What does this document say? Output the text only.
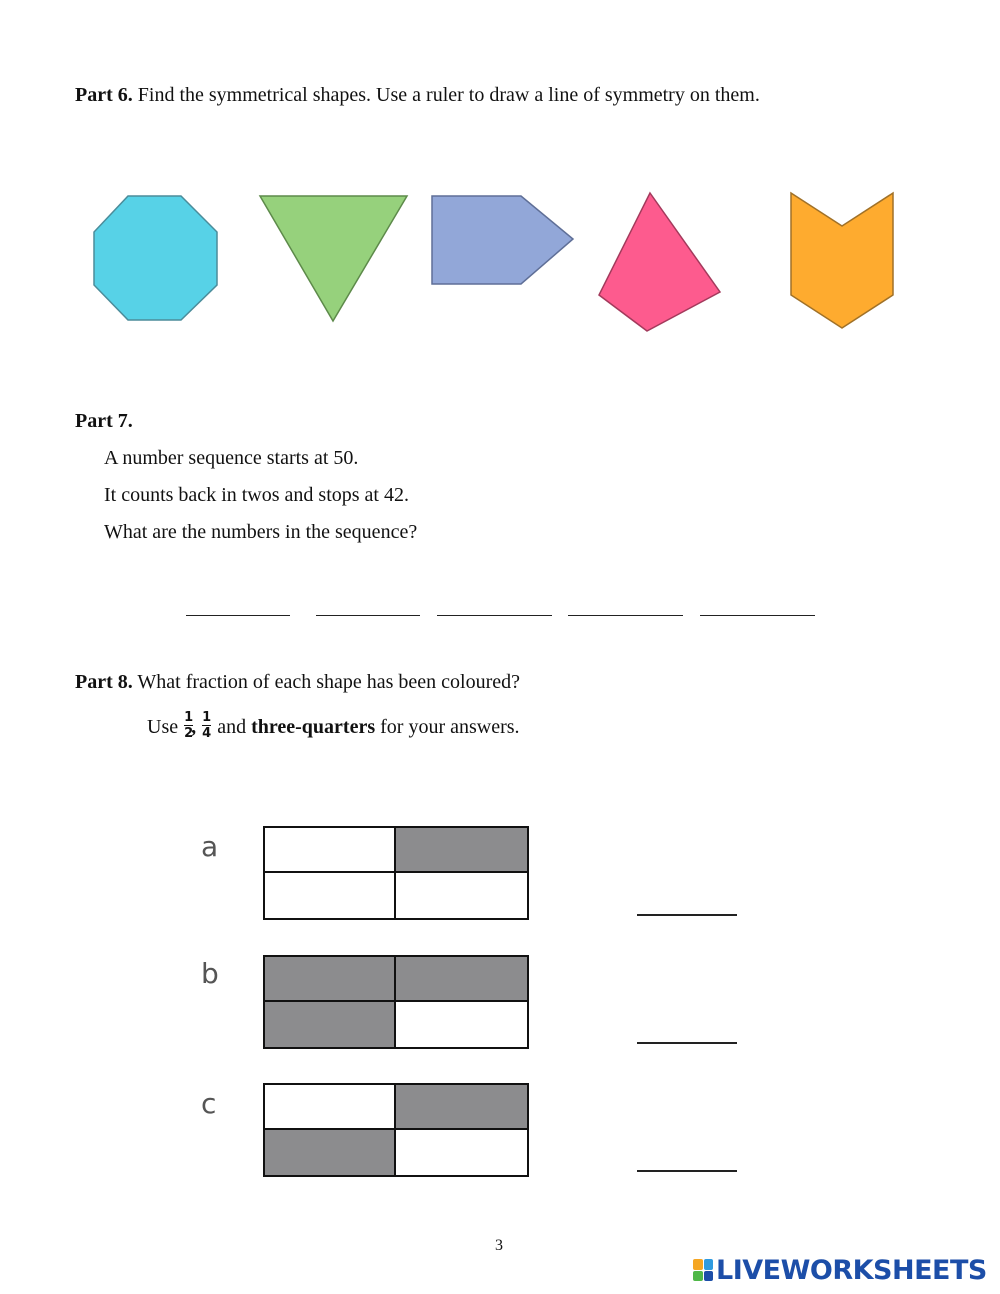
Part 6. Find the symmetrical shapes. Use a ruler to draw a line of symmetry on them.
Part 7.
A number sequence starts at 50.
It counts back in twos and stops at 42.
What are the numbers in the sequence?
Part 8. What fraction of each shape has been coloured?
Use $\frac{1}{2}$
, $\frac{1}{4}$ and three-quarters for your answers.
a
b
c
3
LIVEWORKSHEETS
